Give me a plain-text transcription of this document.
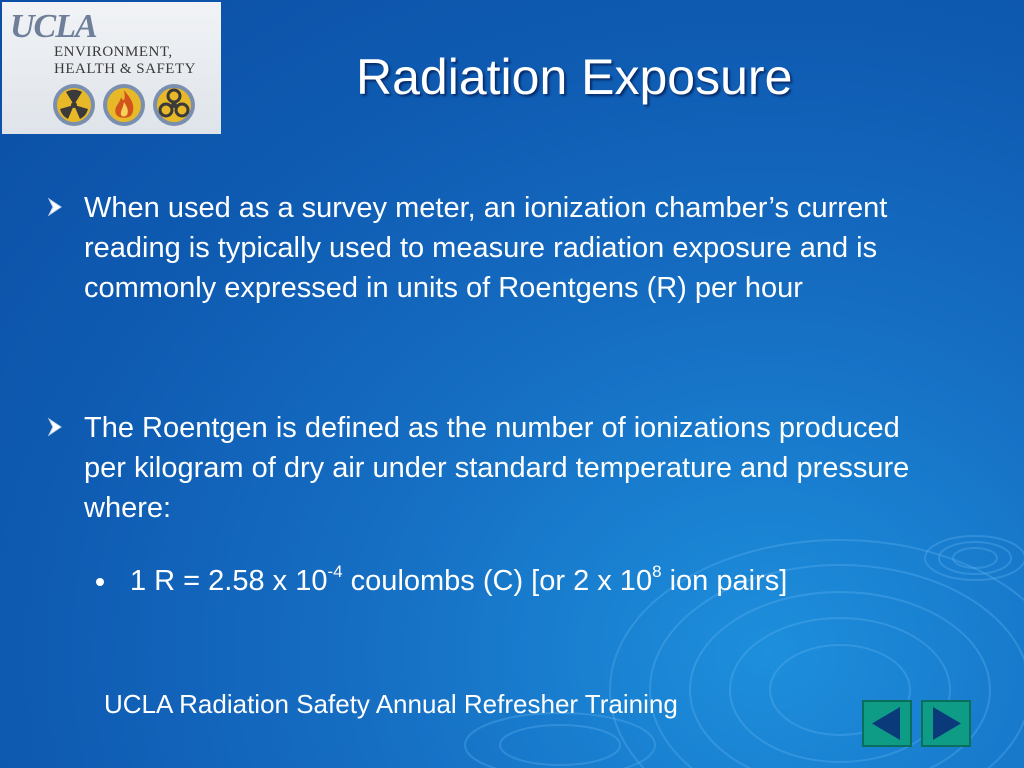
UCLA
ENVIRONMENT,
HEALTH & SAFETY	Radiation Exposure
When used as a survey meter, an ionization chamber’s current reading is typically used to measure radiation exposure and is commonly expressed in units of Roentgens (R) per hour
The Roentgen is defined as the number of ionizations produced per kilogram of dry air under standard temperature and pressure where:
1 R = 2.58 x $10^{-4}$ coulombs (C) [or 2 x $10^8$ ion pairs]
UCLA Radiation Safety Annual Refresher Training
